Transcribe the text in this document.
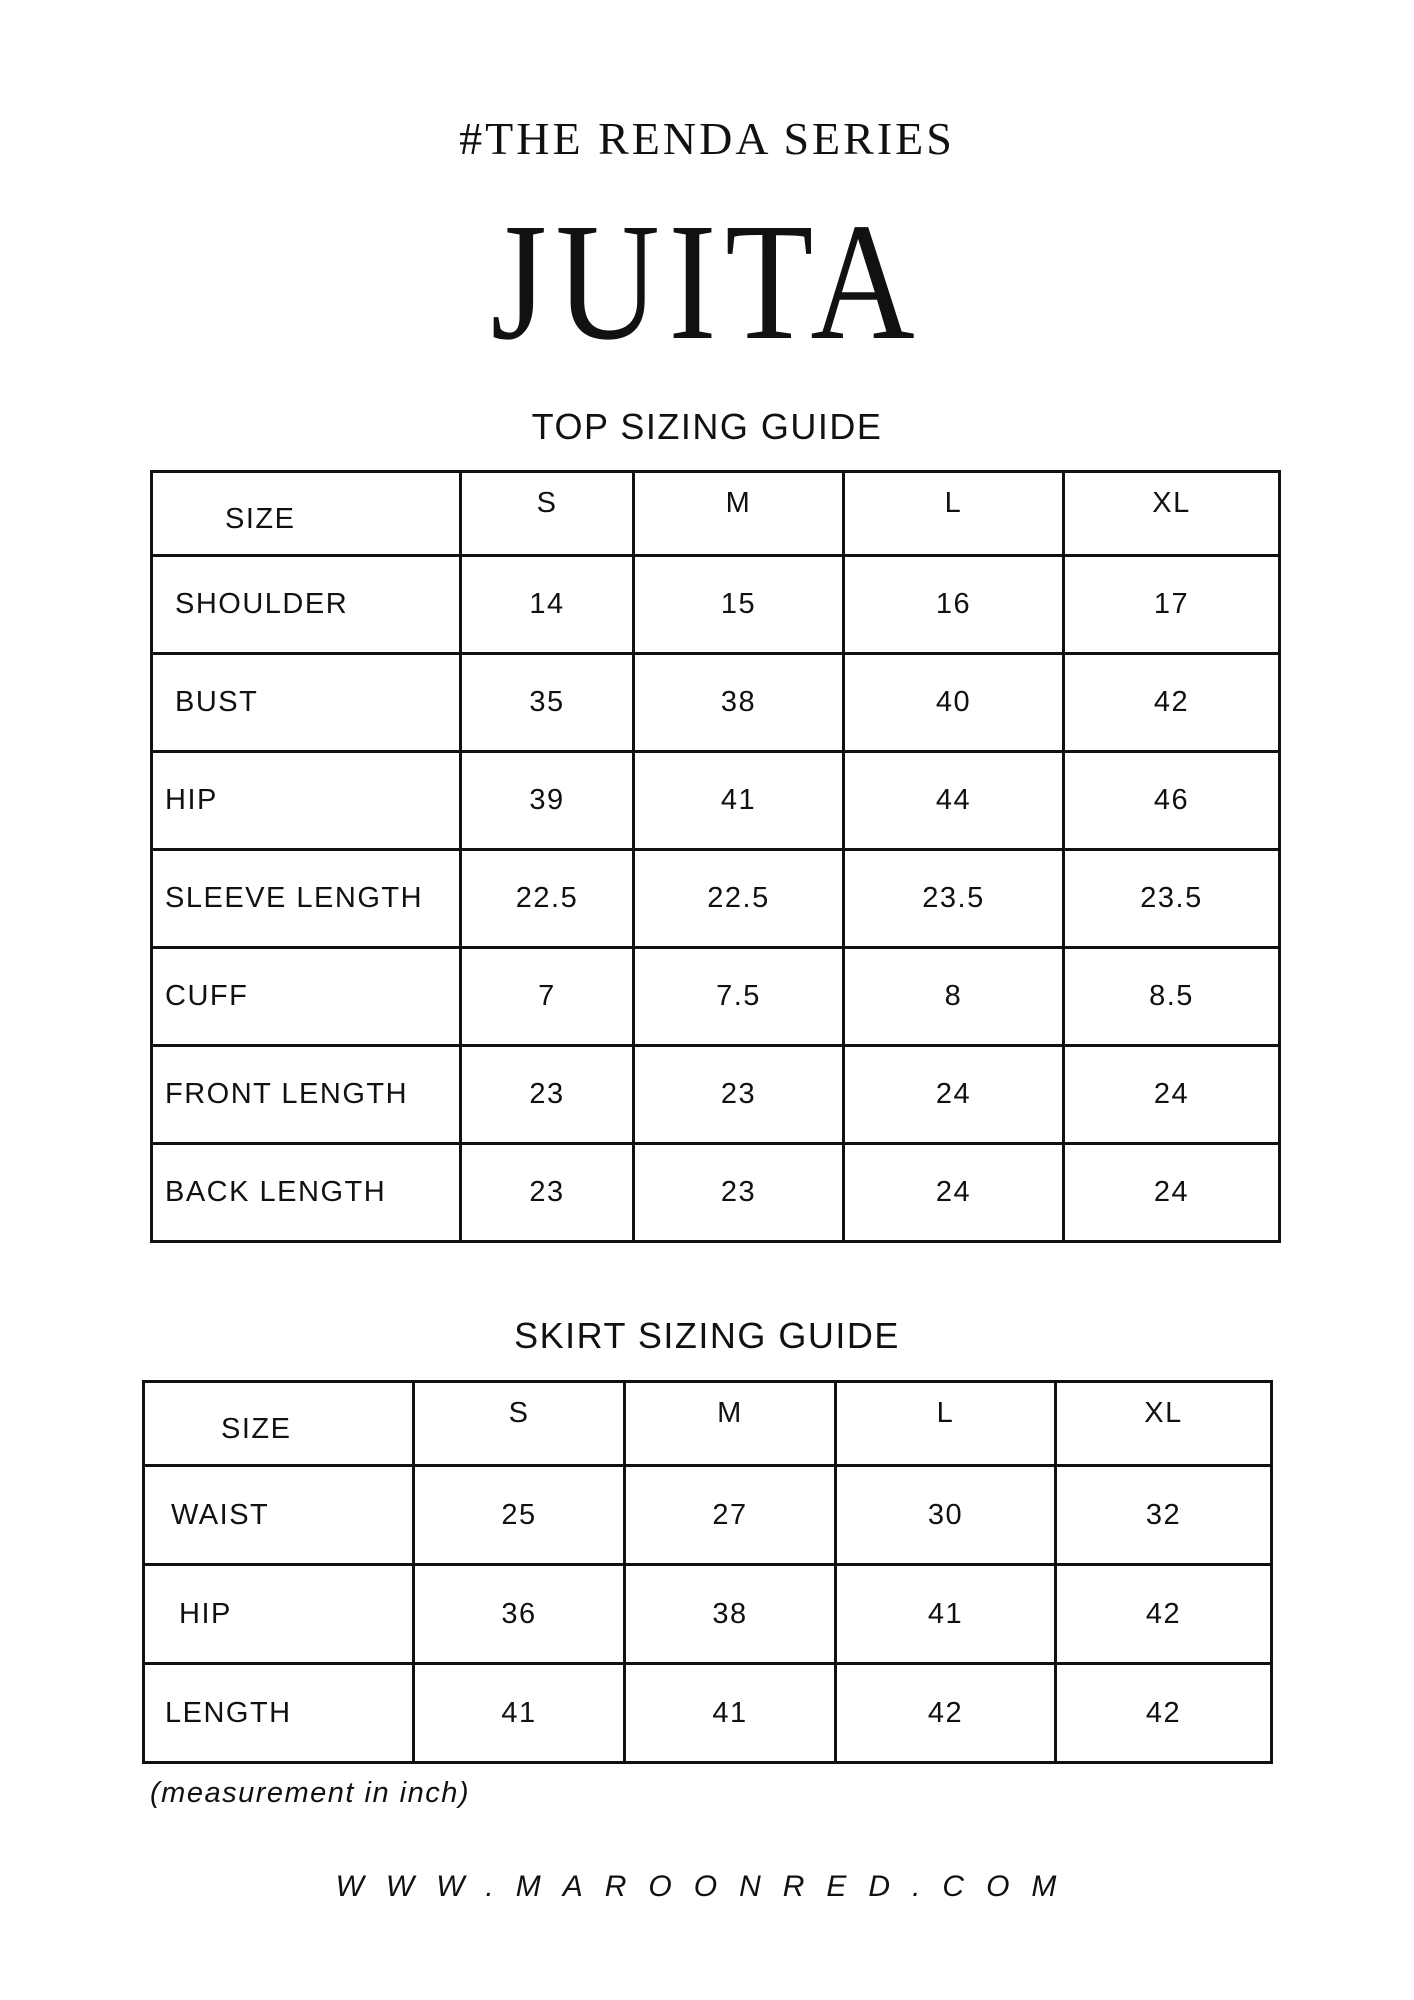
#THE RENDA SERIES
JUITA
TOP SIZING GUIDE
SIZE	S	M	L	XL
SHOULDER	14	15	16	17
BUST	35	38	40	42
HIP	39	41	44	46
SLEEVE LENGTH	22.5	22.5	23.5	23.5
CUFF	7	7.5	8	8.5
FRONT LENGTH	23	23	24	24
BACK LENGTH	23	23	24	24
SKIRT SIZING GUIDE
SIZE	S	M	L	XL
WAIST	25	27	30	32
HIP	36	38	41	42
LENGTH	41	41	42	42
(measurement in inch)
WWW.MAROONRED.COM
